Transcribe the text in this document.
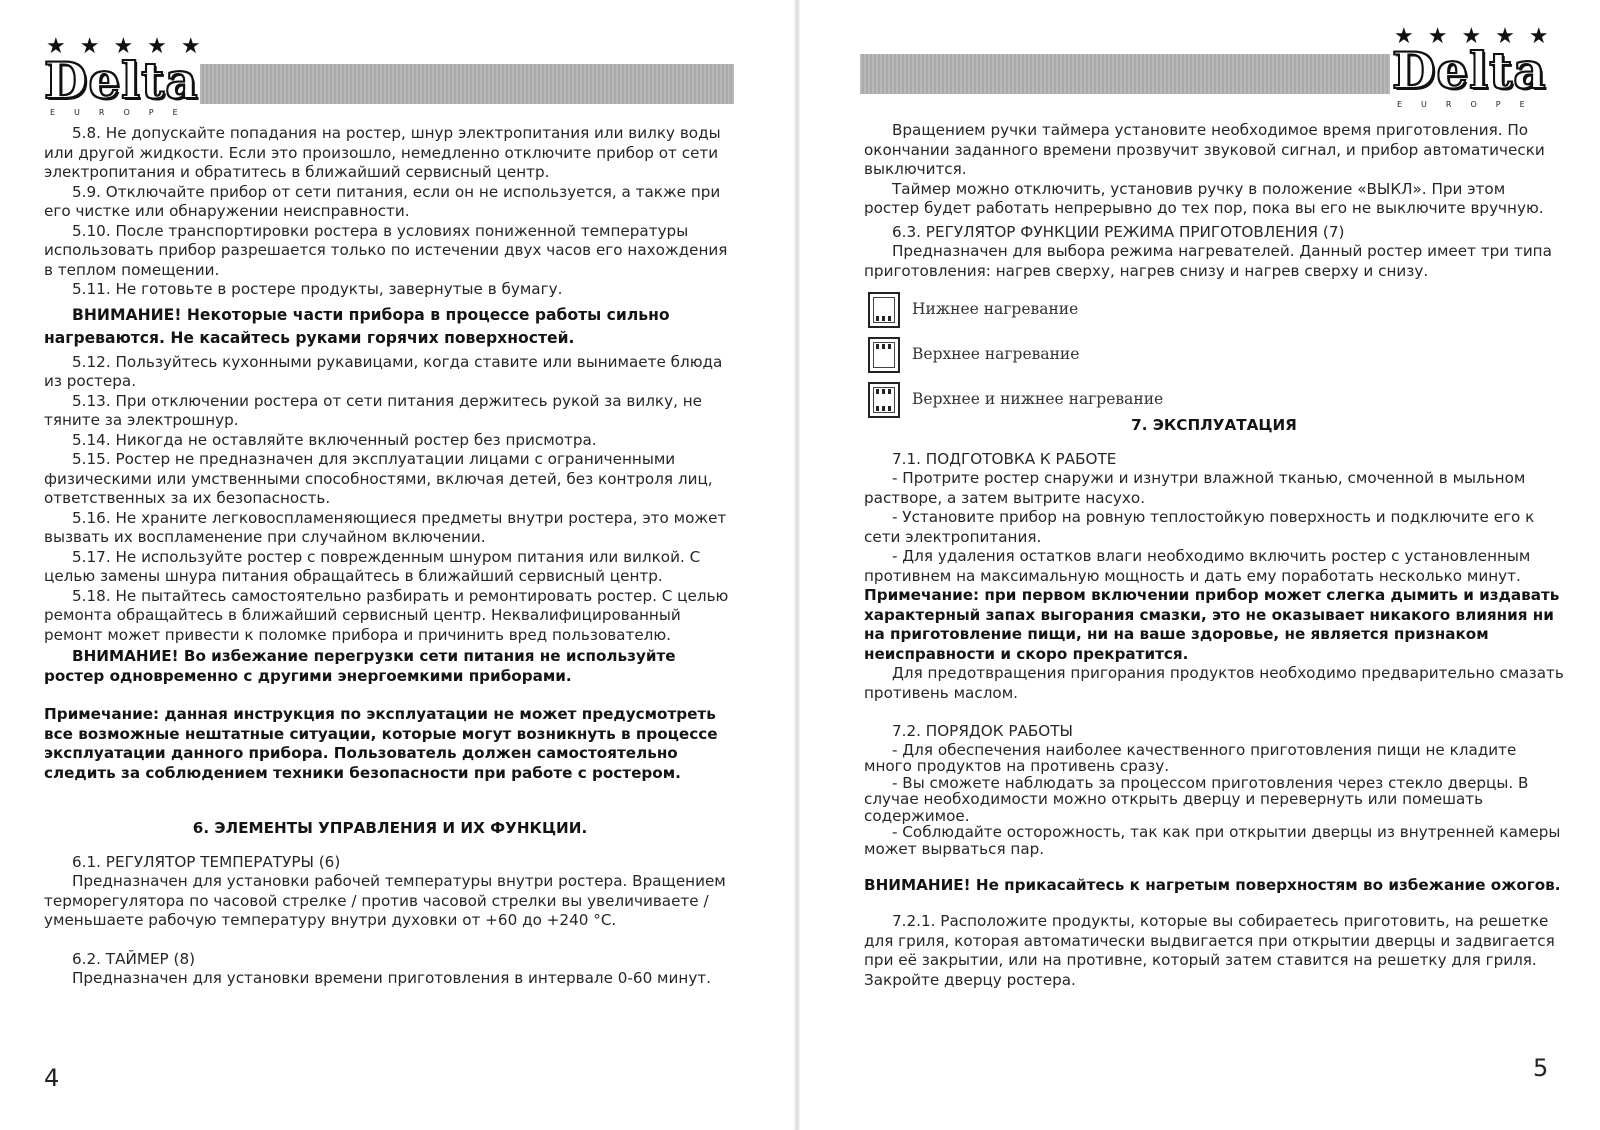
★★★★★
Delta
EUROPE

5.8. Не допускайте попадания на ростер, шнур электропитания или вилку воды или другой жидкости. Если это произошло, немедленно отключите прибор от сети электропитания и обратитесь в ближайший сервисный центр.

5.9. Отключайте прибор от сети питания, если он не используется, а также при его чистке или обнаружении неисправности.

5.10. После транспортировки ростера в условиях пониженной температуры использовать прибор разрешается только по истечении двух часов его нахождения в теплом помещении.

5.11. Не готовьте в ростере продукты, завернутые в бумагу.

ВНИМАНИЕ! Некоторые части прибора в процессе работы сильно нагреваются. Не касайтесь руками горячих поверхностей.

5.12. Пользуйтесь кухонными рукавицами, когда ставите или вынимаете блюда из ростера.

5.13. При отключении ростера от сети питания держитесь рукой за вилку, не тяните за электрошнур.

5.14. Никогда не оставляйте включенный ростер без присмотра.

5.15. Ростер не предназначен для эксплуатации лицами с ограниченными физическими или умственными способностями, включая детей, без контроля лиц, ответственных за их безопасность.

5.16. Не храните легковоспламеняющиеся предметы внутри ростера, это может вызвать их воспламенение при случайном включении.

5.17. Не используйте ростер с поврежденным шнуром питания или вилкой. С целью замены шнура питания обращайтесь в ближайший сервисный центр.

5.18. Не пытайтесь самостоятельно разбирать и ремонтировать ростер. С целью ремонта обращайтесь в ближайший сервисный центр. Неквалифицированный ремонт может привести к поломке прибора и причинить вред пользователю.

ВНИМАНИЕ! Во избежание перегрузки сети питания не используйте ростер одновременно с другими энергоемкими приборами.

Примечание: данная инструкция по эксплуатации не может предусмотреть все возможные нештатные ситуации, которые могут возникнуть в процессе эксплуатации данного прибора. Пользователь должен самостоятельно следить за соблюдением техники безопасности при работе с ростером.

6. ЭЛЕМЕНТЫ УПРАВЛЕНИЯ И ИХ ФУНКЦИИ.

6.1. РЕГУЛЯТОР ТЕМПЕРАТУРЫ (6)

Предназначен для установки рабочей температуры внутри ростера. Вращением терморегулятора по часовой стрелке / против часовой стрелки вы увеличиваете / уменьшаете рабочую температуру внутри духовки от +60 до +240 °С.

6.2. ТАЙМЕР (8)

Предназначен для установки времени приготовления в интервале 0-60 минут.

4
★★★★★
Delta
EUROPE

Вращением ручки таймера установите необходимое время приготовления. По окончании заданного времени прозвучит звуковой сигнал, и прибор автоматически выключится.

Таймер можно отключить, установив ручку в положение «ВЫКЛ». При этом ростер будет работать непрерывно до тех пор, пока вы его не выключите вручную.

6.3. РЕГУЛЯТОР ФУНКЦИИ РЕЖИМА ПРИГОТОВЛЕНИЯ (7)

Предназначен для выбора режима нагревателей. Данный ростер имеет три типа приготовления: нагрев сверху, нагрев снизу и нагрев сверху и снизу.

Нижнее нагревание
Верхнее нагревание
Верхнее и нижнее нагревание

7. ЭКСПЛУАТАЦИЯ

7.1. ПОДГОТОВКА К РАБОТЕ

- Протрите ростер снаружи и изнутри влажной тканью, смоченной в мыльном растворе, а затем вытрите насухо.

- Установите прибор на ровную теплостойкую поверхность и подключите его к сети электропитания.

- Для удаления остатков влаги необходимо включить ростер с установленным противнем на максимальную мощность и дать ему поработать несколько минут.

Примечание: при первом включении прибор может слегка дымить и издавать характерный запах выгорания смазки, это не оказывает никакого влияния ни на приготовление пищи, ни на ваше здоровье, не является признаком неисправности и скоро прекратится.

Для предотвращения пригорания продуктов необходимо предварительно смазать противень маслом.

7.2. ПОРЯДОК РАБОТЫ

- Для обеспечения наиболее качественного приготовления пищи не кладите много продуктов на противень сразу.

- Вы сможете наблюдать за процессом приготовления через стекло дверцы. В случае необходимости можно открыть дверцу и перевернуть или помешать содержимое.

- Соблюдайте осторожность, так как при открытии дверцы из внутренней камеры может вырваться пар.

ВНИМАНИЕ! Не прикасайтесь к нагретым поверхностям во избежание ожогов.

7.2.1. Расположите продукты, которые вы собираетесь приготовить, на решетке для гриля, которая автоматически выдвигается при открытии дверцы и задвигается при её закрытии, или на противне, который затем ставится на решетку для гриля. Закройте дверцу ростера.

5
